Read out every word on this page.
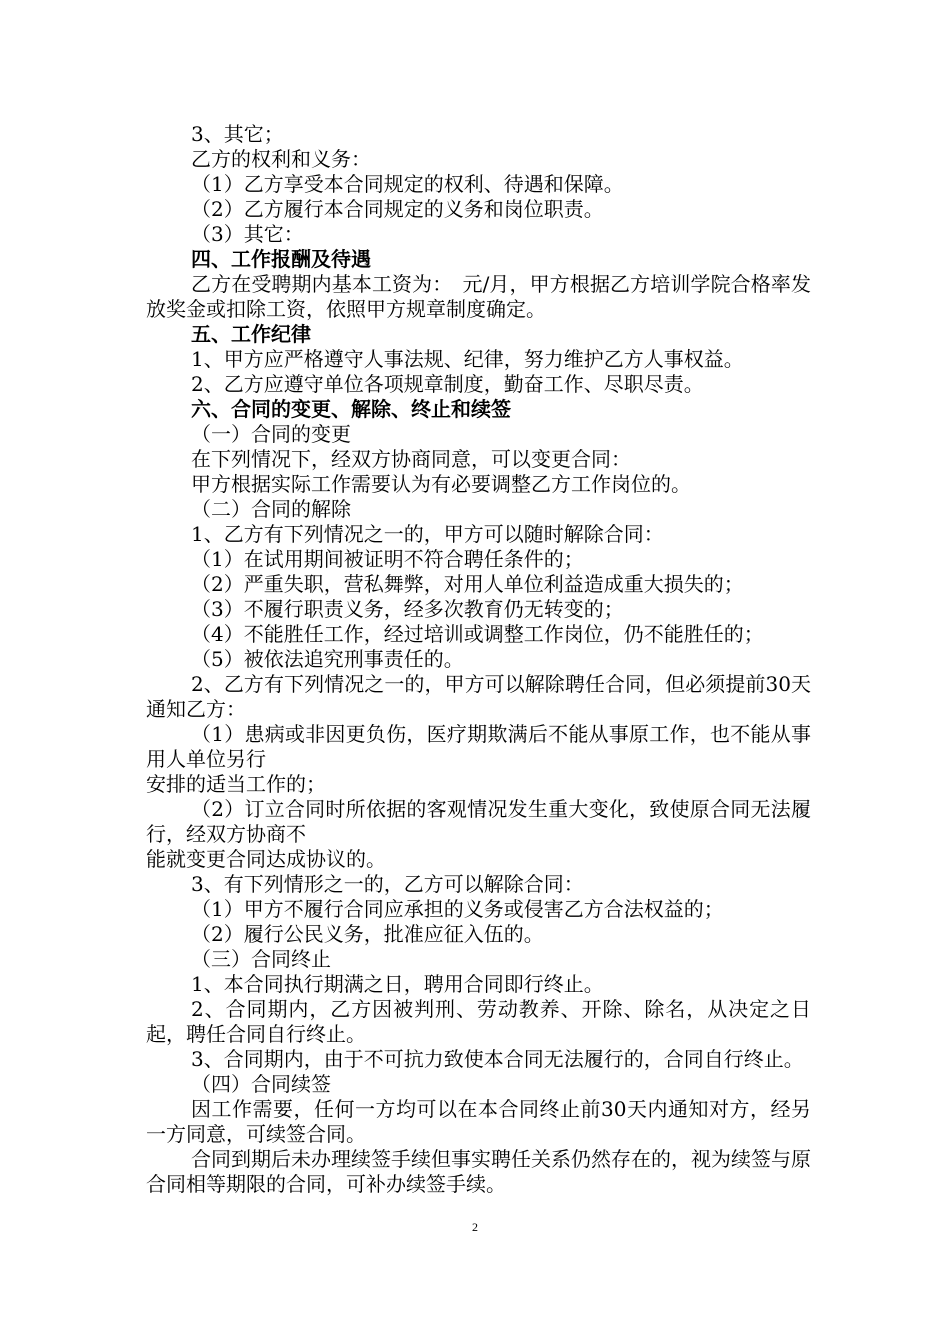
3、其它；

乙方的权利和义务：

（1）乙方享受本合同规定的权利、待遇和保障。

（2）乙方履行本合同规定的义务和岗位职责。

（3）其它：

四、工作报酬及待遇

乙方在受聘期内基本工资为：　元/月，甲方根据乙方培训学院合格率发放奖金或扣除工资，依照甲方规章制度确定。

五、工作纪律

1、甲方应严格遵守人事法规、纪律，努力维护乙方人事权益。

2、乙方应遵守单位各项规章制度，勤奋工作、尽职尽责。

六、合同的变更、解除、终止和续签

（一）合同的变更

在下列情况下，经双方协商同意，可以变更合同：

甲方根据实际工作需要认为有必要调整乙方工作岗位的。

（二）合同的解除

1、乙方有下列情况之一的，甲方可以随时解除合同：

（1）在试用期间被证明不符合聘任条件的；

（2）严重失职，营私舞弊，对用人单位利益造成重大损失的；

（3）不履行职责义务，经多次教育仍无转变的；

（4）不能胜任工作，经过培训或调整工作岗位，仍不能胜任的；

（5）被依法追究刑事责任的。

2、乙方有下列情况之一的，甲方可以解除聘任合同，但必须提前30天通知乙方：

（1）患病或非因更负伤，医疗期欺满后不能从事原工作，也不能从事用人单位另行

安排的适当工作的；

（2）订立合同时所依据的客观情况发生重大变化，致使原合同无法履行，经双方协商不

能就变更合同达成协议的。

3、有下列情形之一的，乙方可以解除合同：

（1）甲方不履行合同应承担的义务或侵害乙方合法权益的；

（2）履行公民义务，批准应征入伍的。

（三）合同终止

1、本合同执行期满之日，聘用合同即行终止。

2、合同期内，乙方因被判刑、劳动教养、开除、除名，从决定之日起，聘任合同自行终止。

3、合同期内，由于不可抗力致使本合同无法履行的，合同自行终止。

（四）合同续签

因工作需要，任何一方均可以在本合同终止前30天内通知对方，经另一方同意，可续签合同。

合同到期后未办理续签手续但事实聘任关系仍然存在的，视为续签与原合同相等期限的合同，可补办续签手续。

2
